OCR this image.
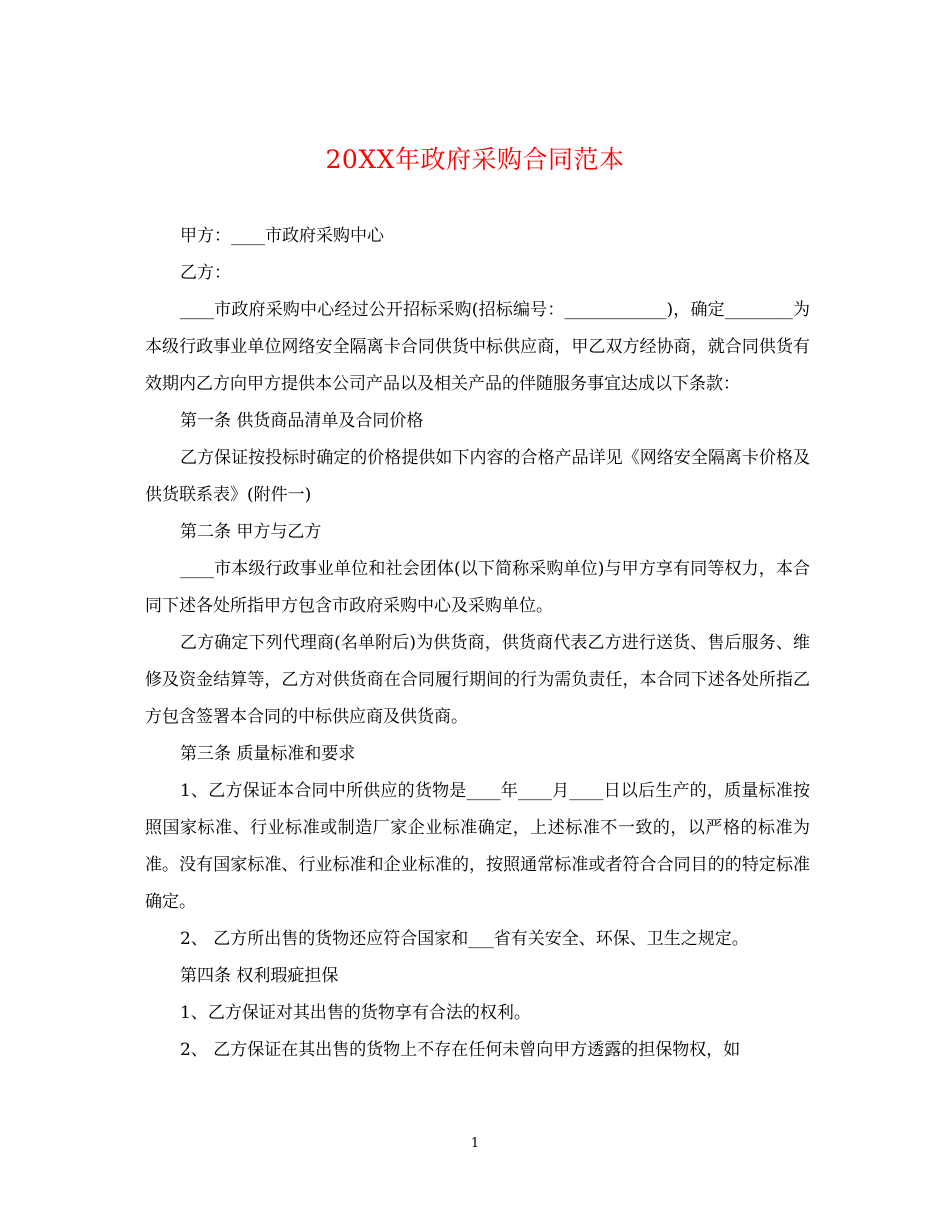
20XX年政府采购合同范本

甲方：____市政府采购中心

乙方：

____市政府采购中心经过公开招标采购(招标编号：____________)，确定________为本级行政事业单位网络安全隔离卡合同供货中标供应商，甲乙双方经协商，就合同供货有效期内乙方向甲方提供本公司产品以及相关产品的伴随服务事宜达成以下条款：

第一条 供货商品清单及合同价格

乙方保证按投标时确定的价格提供如下内容的合格产品详见《网络安全隔离卡价格及供货联系表》(附件一)

第二条 甲方与乙方

____市本级行政事业单位和社会团体(以下简称采购单位)与甲方享有同等权力，本合同下述各处所指甲方包含市政府采购中心及采购单位。

乙方确定下列代理商(名单附后)为供货商，供货商代表乙方进行送货、售后服务、维修及资金结算等，乙方对供货商在合同履行期间的行为需负责任，本合同下述各处所指乙方包含签署本合同的中标供应商及供货商。

第三条 质量标准和要求

1、乙方保证本合同中所供应的货物是____年____月____日以后生产的，质量标准按照国家标准、行业标准或制造厂家企业标准确定，上述标准不一致的，以严格的标准为准。没有国家标准、行业标准和企业标准的，按照通常标准或者符合合同目的的特定标准确定。

2、 乙方所出售的货物还应符合国家和___省有关安全、环保、卫生之规定。

第四条 权利瑕疵担保

1、乙方保证对其出售的货物享有合法的权利。

2、 乙方保证在其出售的货物上不存在任何未曾向甲方透露的担保物权，如

1
